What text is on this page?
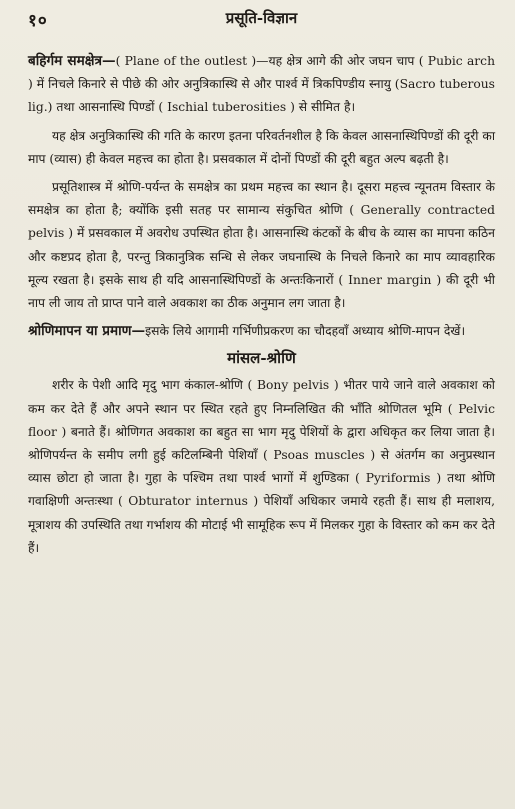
१०	प्रसूति-विज्ञान

बहिर्गम समक्षेत्र—( Plane of the outlest )—यह क्षेत्र आगे की ओर जघन चाप ( Pubic arch ) में निचले किनारे से पीछे की ओर अनुत्रिकास्थि से और पार्श्व में त्रिकपिण्डीय स्नायु (Sacro tuberous lig.) तथा आसनास्थि पिण्डों ( Ischial tuberosities ) से सीमित है।

यह क्षेत्र अनुत्रिकास्थि की गति के कारण इतना परिवर्तनशील है कि केवल आसनास्थिपिण्डों की दूरी का माप (व्यास) ही केवल महत्त्व का होता है। प्रसवकाल में दोनों पिण्डों की दूरी बहुत अल्प बढ़ती है।

प्रसूतिशास्त्र में श्रोणि-पर्यन्त के समक्षेत्र का प्रथम महत्त्व का स्थान है। दूसरा महत्त्व न्यूनतम विस्तार के समक्षेत्र का होता है; क्योंकि इसी सतह पर सामान्य संकुचित श्रोणि ( Generally contracted pelvis ) में प्रसवकाल में अवरोध उपस्थित होता है। आसनास्थि कंटकों के बीच के व्यास का मापना कठिन और कष्टप्रद होता है, परन्तु त्रिकानुत्रिक सन्धि से लेकर जघनास्थि के निचले किनारे का माप व्यावहारिक मूल्य रखता है। इसके साथ ही यदि आसनास्थिपिण्डों के अन्तःकिनारों ( Inner margin ) की दूरी भी नाप ली जाय तो प्राप्त पाने वाले अवकाश का ठीक अनुमान लग जाता है।

श्रोणिमापन या प्रमाण—इसके लिये आगामी गर्भिणीप्रकरण का चौदहवाँ अध्याय श्रोणि-मापन देखें।

मांसल-श्रोणि

शरीर के पेशी आदि मृदु भाग कंकाल-श्रोणि ( Bony pelvis ) भीतर पाये जाने वाले अवकाश को कम कर देते हैं और अपने स्थान पर स्थित रहते हुए निम्नलिखित की भाँति श्रोणितल भूमि ( Pelvic floor ) बनाते हैं। श्रोणिगत अवकाश का बहुत सा भाग मृदु पेशियों के द्वारा अधिकृत कर लिया जाता है। श्रोणिपर्यन्त के समीप लगी हुई कटिलम्बिनी पेशियाँ ( Psoas muscles ) से अंतर्गम का अनुप्रस्थान व्यास छोटा हो जाता है। गुहा के पश्चिम तथा पार्श्व भागों में शुण्डिका ( Pyriformis ) तथा श्रोणि गवाक्षिणी अन्तःस्था ( Obturator internus ) पेशियाँ अधिकार जमाये रहती हैं। साथ ही मलाशय, मूत्राशय की उपस्थिति तथा गर्भाशय की मोटाई भी सामूहिक रूप में मिलकर गुहा के विस्तार को कम कर देते हैं।
